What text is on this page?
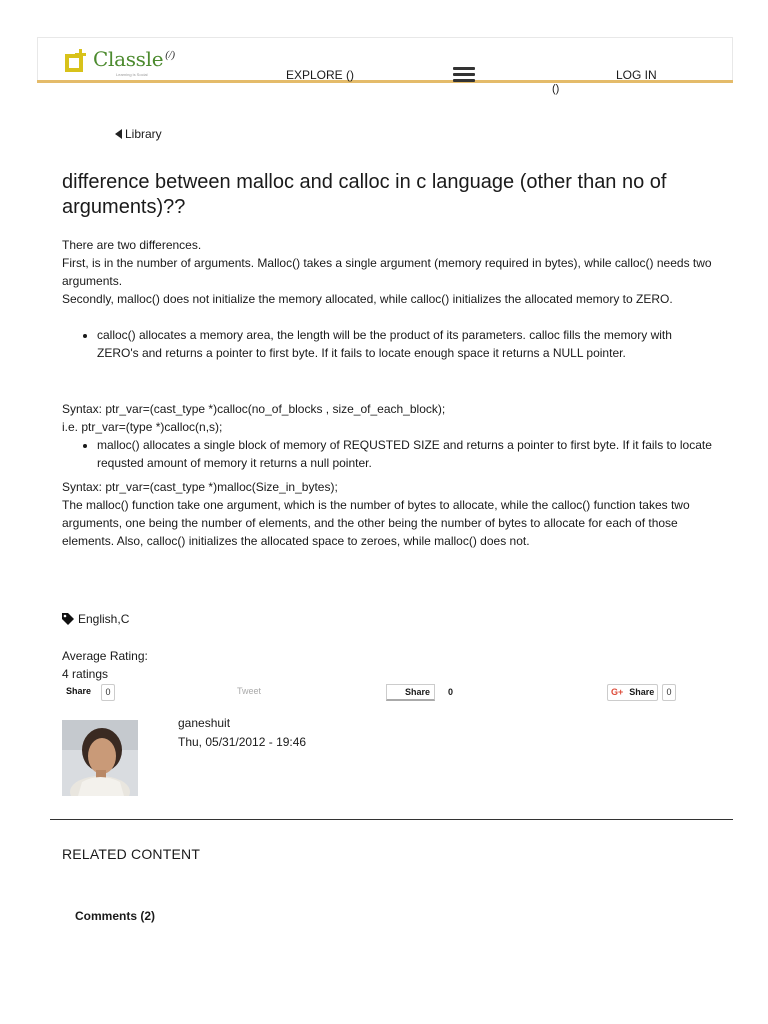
Classle (/)
Learning is Social	EXPLORE ()	LOG IN
()
Library
difference between malloc and calloc in c language (other than no of arguments)??

There are two differences.

First, is in the number of arguments. Malloc() takes a single argument (memory required in bytes), while calloc() needs two arguments.

Secondly, malloc() does not initialize the memory allocated, while calloc() initializes the allocated memory to ZERO.

• calloc() allocates a memory area, the length will be the product of its parameters. calloc fills the memory with ZERO's and returns a pointer to first byte. If it fails to locate enough space it returns a NULL pointer.

Syntax: ptr_var=(cast_type *)calloc(no_of_blocks , size_of_each_block);

i.e. ptr_var=(type *)calloc(n,s);

• malloc() allocates a single block of memory of REQUSTED SIZE and returns a pointer to first byte. If it fails to locate requsted amount of memory it returns a null pointer.

Syntax: ptr_var=(cast_type *)malloc(Size_in_bytes);

The malloc() function take one argument, which is the number of bytes to allocate, while the calloc() function takes two arguments, one being the number of elements, and the other being the number of bytes to allocate for each of those elements. Also, calloc() initializes the allocated space to zeroes, while malloc() does not.

English,C
Average Rating:
4 ratings
Share	0	Tweet	Share	0	G+ Share	0
ganeshuit
Thu, 05/31/2012 - 19:46
RELATED CONTENT
Comments (2)
